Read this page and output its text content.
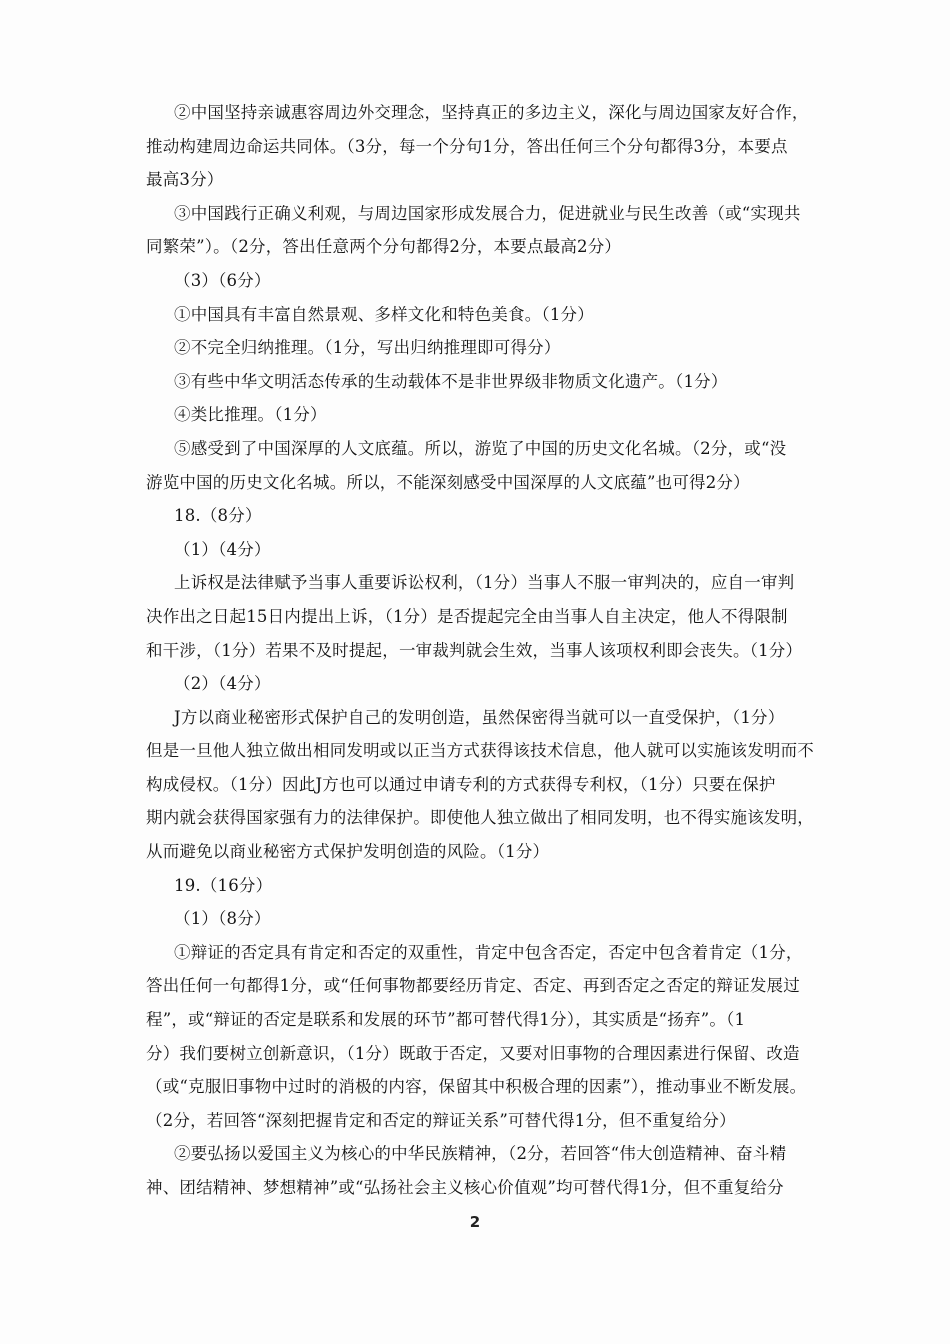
②中国坚持亲诚惠容周边外交理念，坚持真正的多边主义，深化与周边国家友好合作，
推动构建周边命运共同体。（3分，每一个分句1分，答出任何三个分句都得3分，本要点
最高3分）
③中国践行正确义利观，与周边国家形成发展合力，促进就业与民生改善（或“实现共
同繁荣”）。（2分，答出任意两个分句都得2分，本要点最高2分）
（3）（6分）
①中国具有丰富自然景观、多样文化和特色美食。（1分）
②不完全归纳推理。（1分，写出归纳推理即可得分）
③有些中华文明活态传承的生动载体不是非世界级非物质文化遗产。（1分）
④类比推理。（1分）
⑤感受到了中国深厚的人文底蕴。所以，游览了中国的历史文化名城。（2分，或“没
游览中国的历史文化名城。所以，不能深刻感受中国深厚的人文底蕴”也可得2分）
18.（8分）
（1）（4分）
上诉权是法律赋予当事人重要诉讼权利，（1分）当事人不服一审判决的，应自一审判
决作出之日起15日内提出上诉，（1分）是否提起完全由当事人自主决定，他人不得限制
和干涉，（1分）若果不及时提起，一审裁判就会生效，当事人该项权利即会丧失。（1分）
（2）（4分）
J方以商业秘密形式保护自己的发明创造，虽然保密得当就可以一直受保护，（1分）
但是一旦他人独立做出相同发明或以正当方式获得该技术信息，他人就可以实施该发明而不
构成侵权。（1分）因此J方也可以通过申请专利的方式获得专利权，（1分）只要在保护
期内就会获得国家强有力的法律保护。即使他人独立做出了相同发明，也不得实施该发明，
从而避免以商业秘密方式保护发明创造的风险。（1分）
19.（16分）
（1）（8分）
①辩证的否定具有肯定和否定的双重性，肯定中包含否定，否定中包含着肯定（1分，
答出任何一句都得1分，或“任何事物都要经历肯定、否定、再到否定之否定的辩证发展过
程”，或“辩证的否定是联系和发展的环节”都可替代得1分），其实质是“扬弃”。（1
分）我们要树立创新意识，（1分）既敢于否定，又要对旧事物的合理因素进行保留、改造
（或“克服旧事物中过时的消极的内容，保留其中积极合理的因素”），推动事业不断发展。
（2分，若回答“深刻把握肯定和否定的辩证关系”可替代得1分，但不重复给分）
②要弘扬以爱国主义为核心的中华民族精神，（2分，若回答“伟大创造精神、奋斗精
神、团结精神、梦想精神”或“弘扬社会主义核心价值观”均可替代得1分，但不重复给分
2
